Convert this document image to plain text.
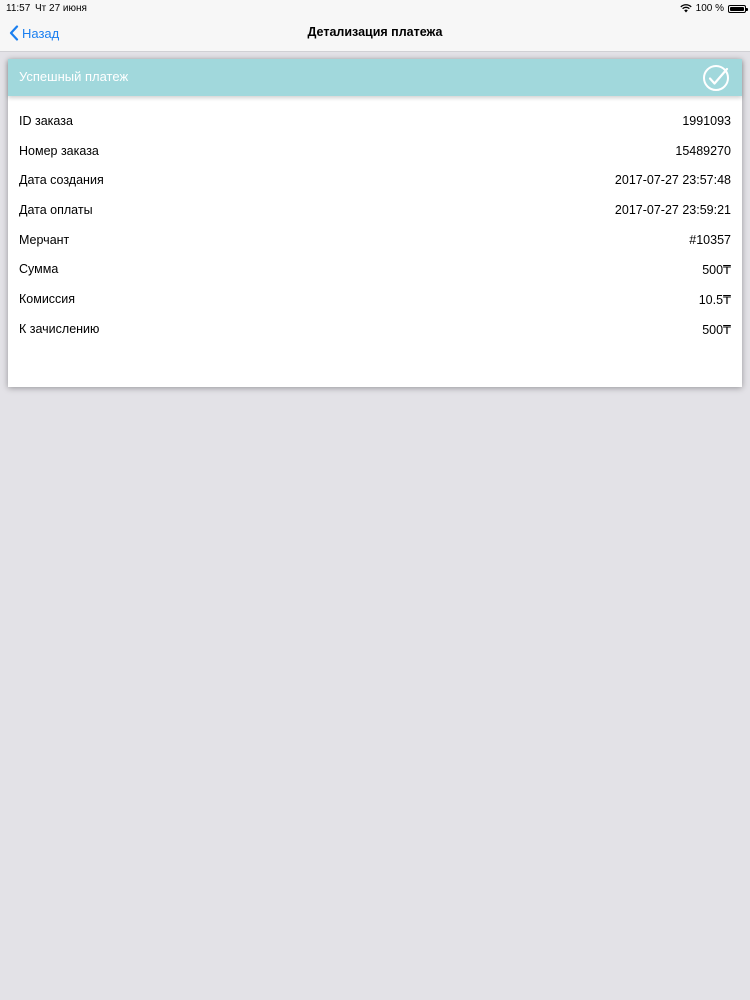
11:57 Чт 27 июня	100 %
Назад	Детализация платежа
Успешный платеж
ID заказа	1991093
Номер заказа	15489270
Дата создания	2017-07-27 23:57:48
Дата оплаты	2017-07-27 23:59:21
Мерчант	#10357
Сумма	500₸
Комиссия	10.5₸
К зачислению	500₸
